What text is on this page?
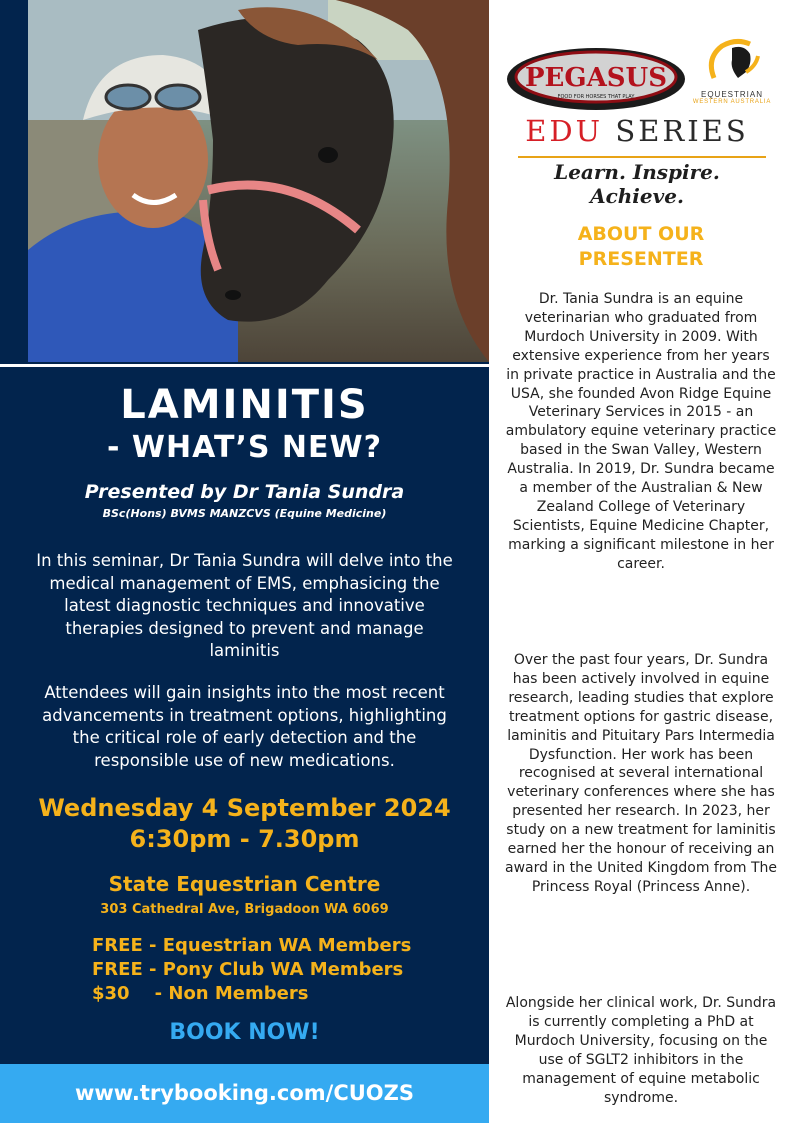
LAMINITIS
- WHAT’S NEW?
Presented by Dr Tania Sundra
BSc(Hons) BVMS MANZCVS (Equine Medicine)

In this seminar, Dr Tania Sundra will delve into the medical management of EMS, emphasicing the latest diagnostic techniques and innovative therapies designed to prevent and manage laminitis

Attendees will gain insights into the most recent advancements in treatment options, highlighting the critical role of early detection and the responsible use of new medications.

Wednesday 4 September 2024
6:30pm - 7.30pm
State Equestrian Centre
303 Cathedral Ave, Brigadoon WA 6069
FREE - Equestrian WA Members
FREE - Pony Club WA Members
$30    - Non Members
BOOK NOW!
www.trybooking.com/CUOZS
PEGASUS
FOOD FOR HORSES THAT PLAY	EQUESTRIAN
WESTERN AUSTRALIA
EDU SERIES
Learn. Inspire. Achieve.
ABOUT OUR
PRESENTER

Dr. Tania Sundra is an equine veterinarian who graduated from Murdoch University in 2009. With extensive experience from her years in private practice in Australia and the USA, she founded Avon Ridge Equine Veterinary Services in 2015 - an ambulatory equine veterinary practice based in the Swan Valley, Western Australia. In 2019, Dr. Sundra became a member of the Australian & New Zealand College of Veterinary Scientists, Equine Medicine Chapter, marking a significant milestone in her career.

Over the past four years, Dr. Sundra has been actively involved in equine research, leading studies that explore treatment options for gastric disease, laminitis and Pituitary Pars Intermedia Dysfunction. Her work has been recognised at several international veterinary conferences where she has presented her research. In 2023, her study on a new treatment for laminitis earned her the honour of receiving an award in the United Kingdom from The Princess Royal (Princess Anne).

Alongside her clinical work, Dr. Sundra is currently completing a PhD at Murdoch University, focusing on the use of SGLT2 inhibitors in the management of equine metabolic syndrome.
